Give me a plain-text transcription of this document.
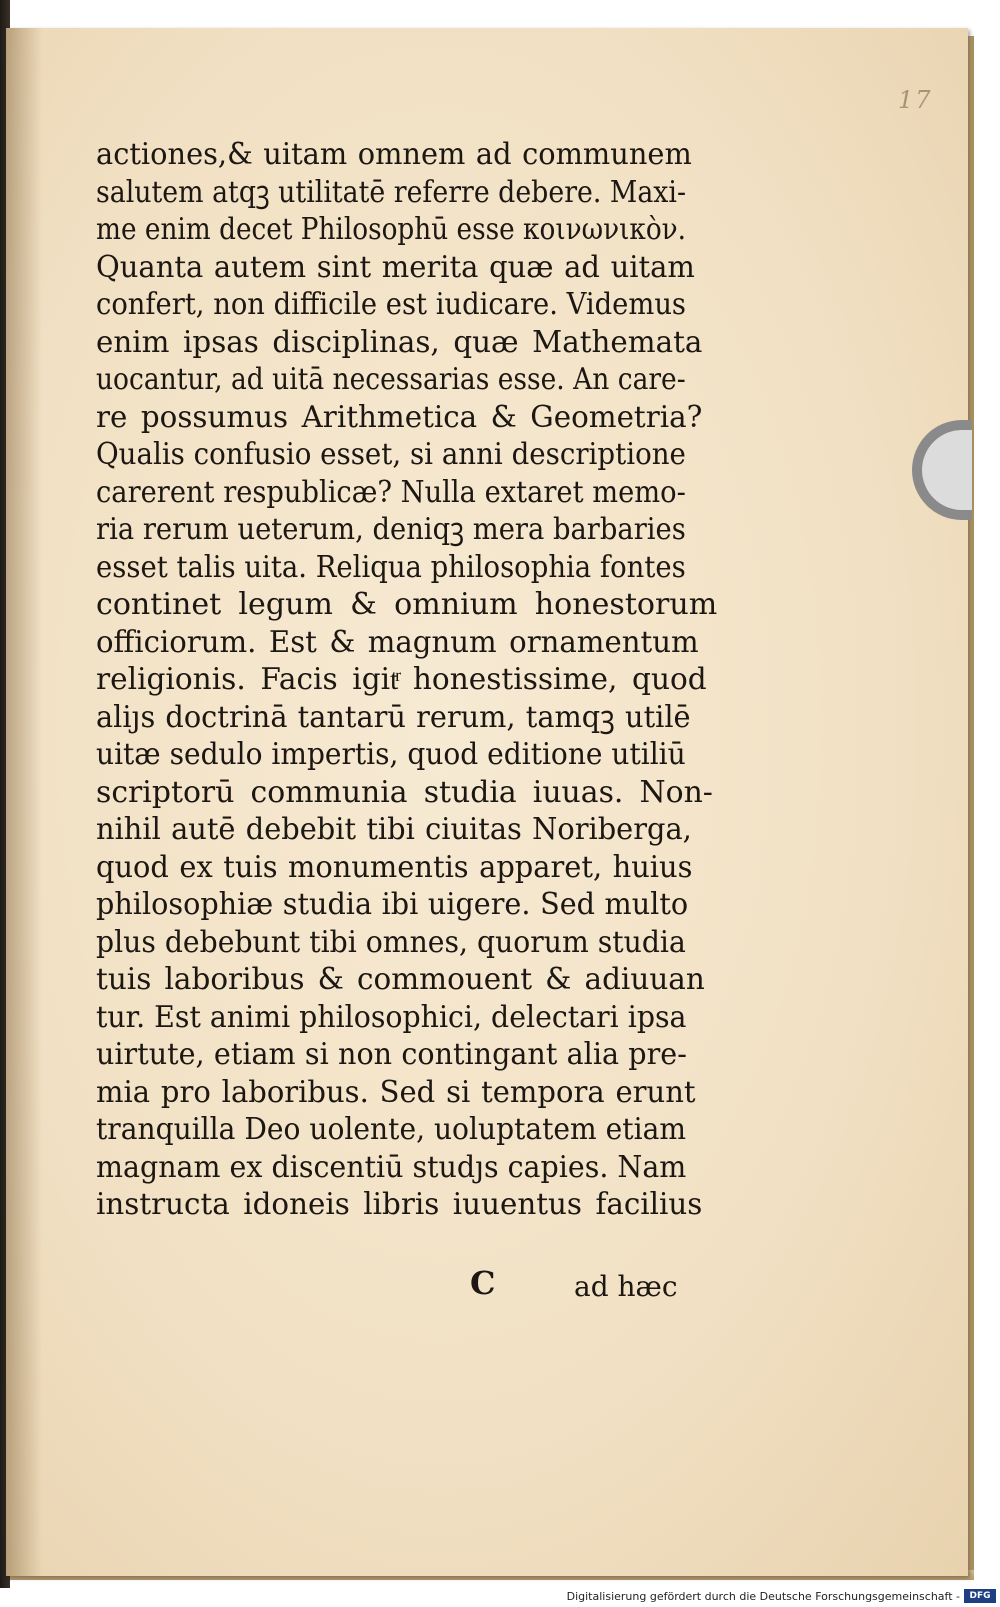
17
actiones,& uitam omnem ad communem
salutem atqꝫ utilitatē referre debere. Maxi-
me enim decet Philosophū esse κοινωνικὸν.
Quanta autem sint merita quæ ad uitam
confert, non difficile est iudicare. Videmus
enim ipsas disciplinas, quæ Mathemata
uocantur, ad uitā necessarias esse. An care-
re possumus Arithmetica & Geometria?
Qualis confusio esset, si anni descriptione
carerent respublicæ? Nulla extaret memo-
ria rerum ueterum, deniqꝫ mera barbaries
esset talis uita. Reliqua philosophia fontes
continet legum & omnium honestorum
officiorum. Est & magnum ornamentum
religionis. Facis igitͬ honestissime, quod
aliȷs doctrinā tantarū rerum, tamqꝫ utilē
uitæ sedulo impertis, quod editione utiliū
scriptorū communia studia iuuas. Non-
nihil autē debebit tibi ciuitas Noriberga,
quod ex tuis monumentis apparet, huius
philosophiæ studia ibi uigere. Sed multo
plus debebunt tibi omnes, quorum studia
tuis laboribus & commouent & adiuuan
tur. Est animi philosophici, delectari ipsa
uirtute, etiam si non contingant alia pre-
mia pro laboribus. Sed si tempora erunt
tranquilla Deo uolente, uoluptatem etiam
magnam ex discentiū studȷs capies. Nam
instructa idoneis libris iuuentus facilius
C	ad hæc
Digitalisierung gefördert durch die Deutsche Forschungsgemeinschaft -	DFG
